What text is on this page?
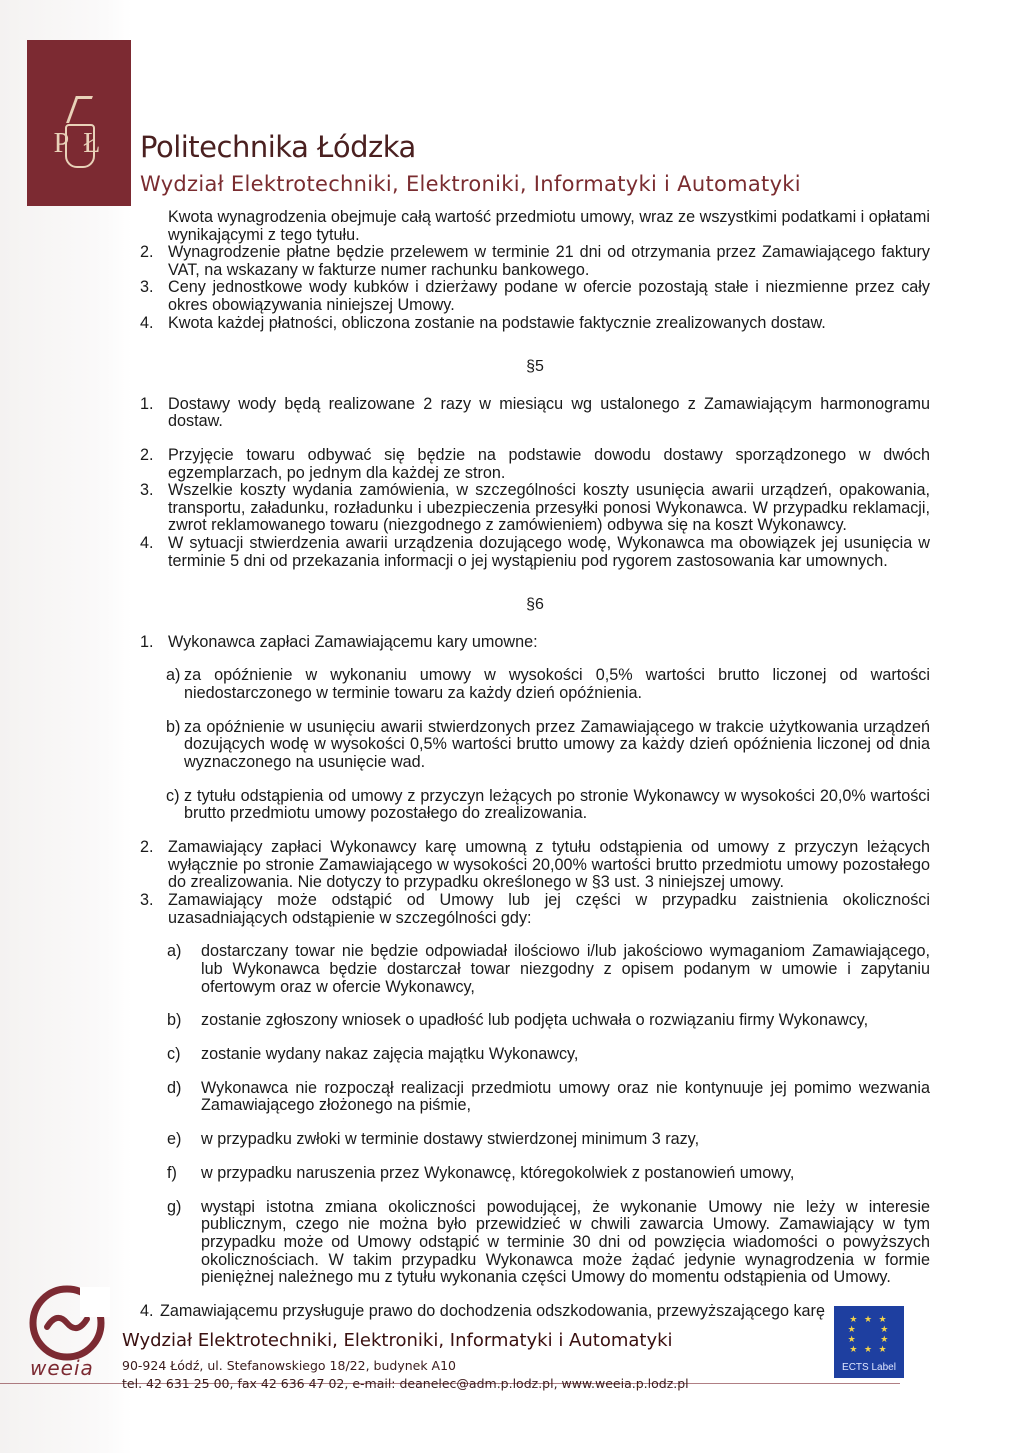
P Ł	Politechnika Łódzka
Wydział Elektrotechniki, Elektroniki, Informatyki i Automatyki

Kwota wynagrodzenia obejmuje całą wartość przedmiotu umowy, wraz ze wszystkimi podatkami i opłatami wynikającymi z tego tytułu.

2. Wynagrodzenie płatne będzie przelewem w terminie 21 dni od otrzymania przez Zamawiającego faktury VAT, na wskazany w fakturze numer rachunku bankowego.

3. Ceny jednostkowe wody kubków i dzierżawy podane w ofercie pozostają stałe i niezmienne przez cały okres obowiązywania niniejszej Umowy.

4. Kwota każdej płatności, obliczona zostanie na podstawie faktycznie zrealizowanych dostaw.

§5

1. Dostawy wody będą realizowane 2 razy w miesiącu wg ustalonego z Zamawiającym harmonogramu dostaw.

2. Przyjęcie towaru odbywać się będzie na podstawie dowodu dostawy sporządzonego w dwóch egzemplarzach, po jednym dla każdej ze stron.

3. Wszelkie koszty wydania zamówienia, w szczególności koszty usunięcia awarii urządzeń, opakowania, transportu, załadunku, rozładunku i ubezpieczenia przesyłki ponosi Wykonawca. W przypadku reklamacji, zwrot reklamowanego towaru (niezgodnego z zamówieniem) odbywa się na koszt Wykonawcy.

4. W sytuacji stwierdzenia awarii urządzenia dozującego wodę, Wykonawca ma obowiązek jej usunięcia w terminie 5 dni od przekazania informacji o jej wystąpieniu pod rygorem zastosowania kar umownych.

§6

1. Wykonawca zapłaci Zamawiającemu kary umowne:

a) za opóźnienie w wykonaniu umowy w wysokości 0,5% wartości brutto liczonej od wartości niedostarczonego w terminie towaru za każdy dzień opóźnienia.

b) za opóźnienie w usunięciu awarii stwierdzonych przez Zamawiającego w trakcie użytkowania urządzeń dozujących wodę w wysokości 0,5% wartości brutto umowy za każdy dzień opóźnienia liczonej od dnia wyznaczonego na usunięcie wad.

c) z tytułu odstąpienia od umowy z przyczyn leżących po stronie Wykonawcy w wysokości 20,0% wartości brutto przedmiotu umowy pozostałego do zrealizowania.

2. Zamawiający zapłaci Wykonawcy karę umowną z tytułu odstąpienia od umowy z przyczyn leżących wyłącznie po stronie Zamawiającego w wysokości 20,00% wartości brutto przedmiotu umowy pozostałego do zrealizowania. Nie dotyczy to przypadku określonego w §3 ust. 3 niniejszej umowy.

3. Zamawiający może odstąpić od Umowy lub jej części w przypadku zaistnienia okoliczności uzasadniających odstąpienie w szczególności gdy:

a) dostarczany towar nie będzie odpowiadał ilościowo i/lub jakościowo wymaganiom Zamawiającego, lub Wykonawca będzie dostarczał towar niezgodny z opisem podanym w umowie i zapytaniu ofertowym oraz w ofercie Wykonawcy,

b) zostanie zgłoszony wniosek o upadłość lub podjęta uchwała o rozwiązaniu firmy Wykonawcy,

c) zostanie wydany nakaz zajęcia majątku Wykonawcy,

d) Wykonawca nie rozpoczął realizacji przedmiotu umowy oraz nie kontynuuje jej pomimo wezwania Zamawiającego złożonego na piśmie,

e) w przypadku zwłoki w terminie dostawy stwierdzonej minimum 3 razy,

f) w przypadku naruszenia przez Wykonawcę, któregokolwiek z postanowień umowy,

g) wystąpi istotna zmiana okoliczności powodującej, że wykonanie Umowy nie leży w interesie publicznym, czego nie można było przewidzieć w chwili zawarcia Umowy. Zamawiający w tym przypadku może od Umowy odstąpić w terminie 30 dni od powzięcia wiadomości o powyższych okolicznościach. W takim przypadku Wykonawca może żądać jedynie wynagrodzenia w formie pieniężnej należnego mu z tytułu wykonania części Umowy do momentu odstąpienia od Umowy.

4. Zamawiającemu przysługuje prawo do dochodzenia odszkodowania, przewyższającego karę

weeia
Wydział Elektrotechniki, Elektroniki, Informatyki i Automatyki
90-924 Łódź, ul. Stefanowskiego 18/22, budynek A10
tel. 42 631 25 00, fax 42 636 47 02, e-mail: deanelec@adm.p.lodz.pl, www.weeia.p.lodz.pl
★ ★ ★
★     ★
★     ★
★ ★ ★
ECTS Label
